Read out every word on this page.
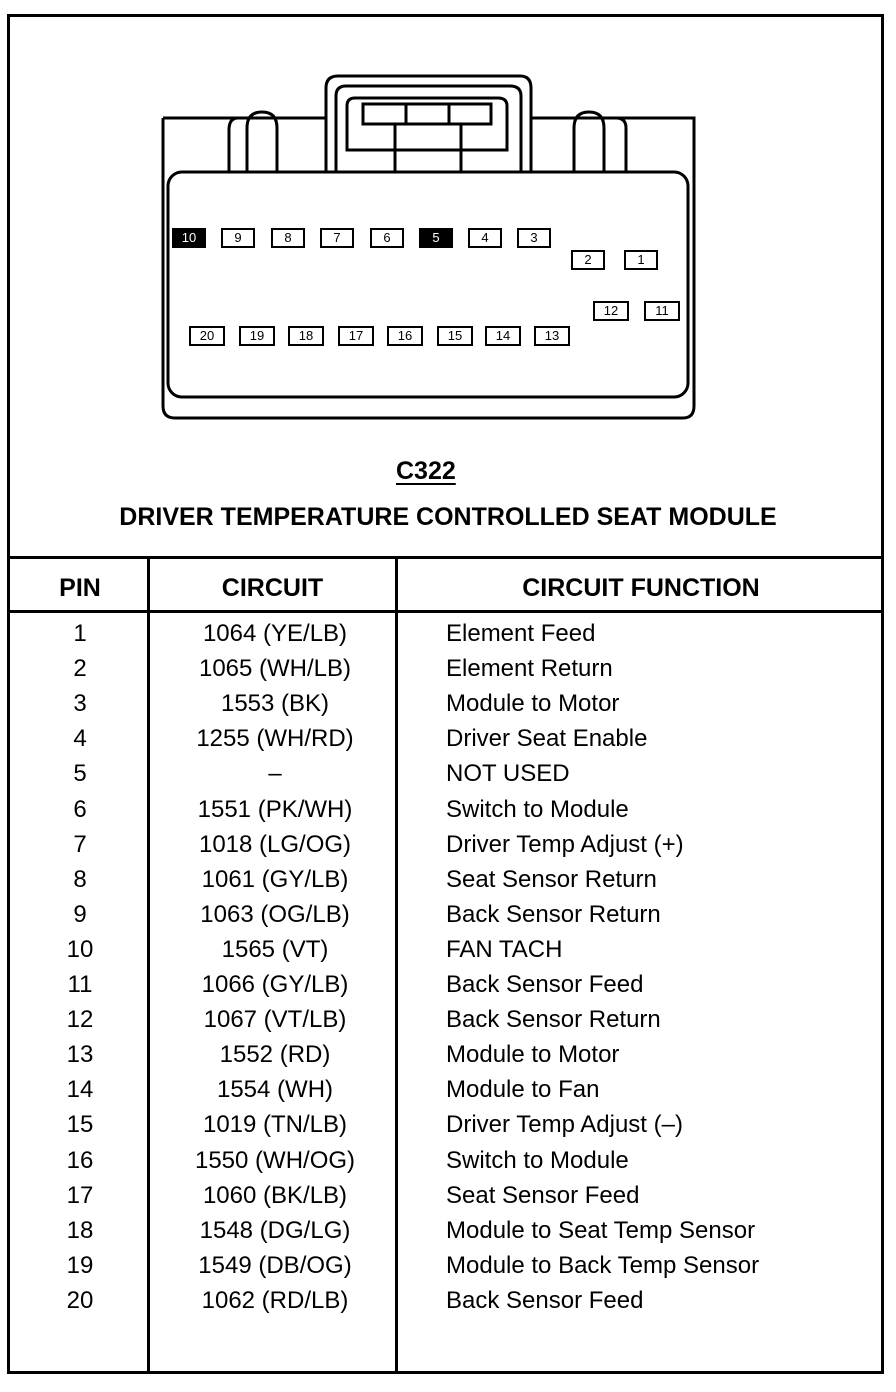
10	9	8	7	6	5	4	3
2	1
12	11
20	19	18	17	16	15	14	13
C322
DRIVER TEMPERATURE CONTROLLED SEAT MODULE
PIN	CIRCUIT	CIRCUIT FUNCTION
1	1064 (YE/LB)	Element Feed
2	1065 (WH/LB)	Element Return
3	1553 (BK)	Module to Motor
4	1255 (WH/RD)	Driver Seat Enable
5	–	NOT USED
6	1551 (PK/WH)	Switch to Module
7	1018 (LG/OG)	Driver Temp Adjust (+)
8	1061 (GY/LB)	Seat Sensor Return
9	1063 (OG/LB)	Back Sensor Return
10	1565 (VT)	FAN TACH
11	1066 (GY/LB)	Back Sensor Feed
12	1067 (VT/LB)	Back Sensor Return
13	1552 (RD)	Module to Motor
14	1554 (WH)	Module to Fan
15	1019 (TN/LB)	Driver Temp Adjust (–)
16	1550 (WH/OG)	Switch to Module
17	1060 (BK/LB)	Seat Sensor Feed
18	1548 (DG/LG)	Module to Seat Temp Sensor
19	1549 (DB/OG)	Module to Back Temp Sensor
20	1062 (RD/LB)	Back Sensor Feed
